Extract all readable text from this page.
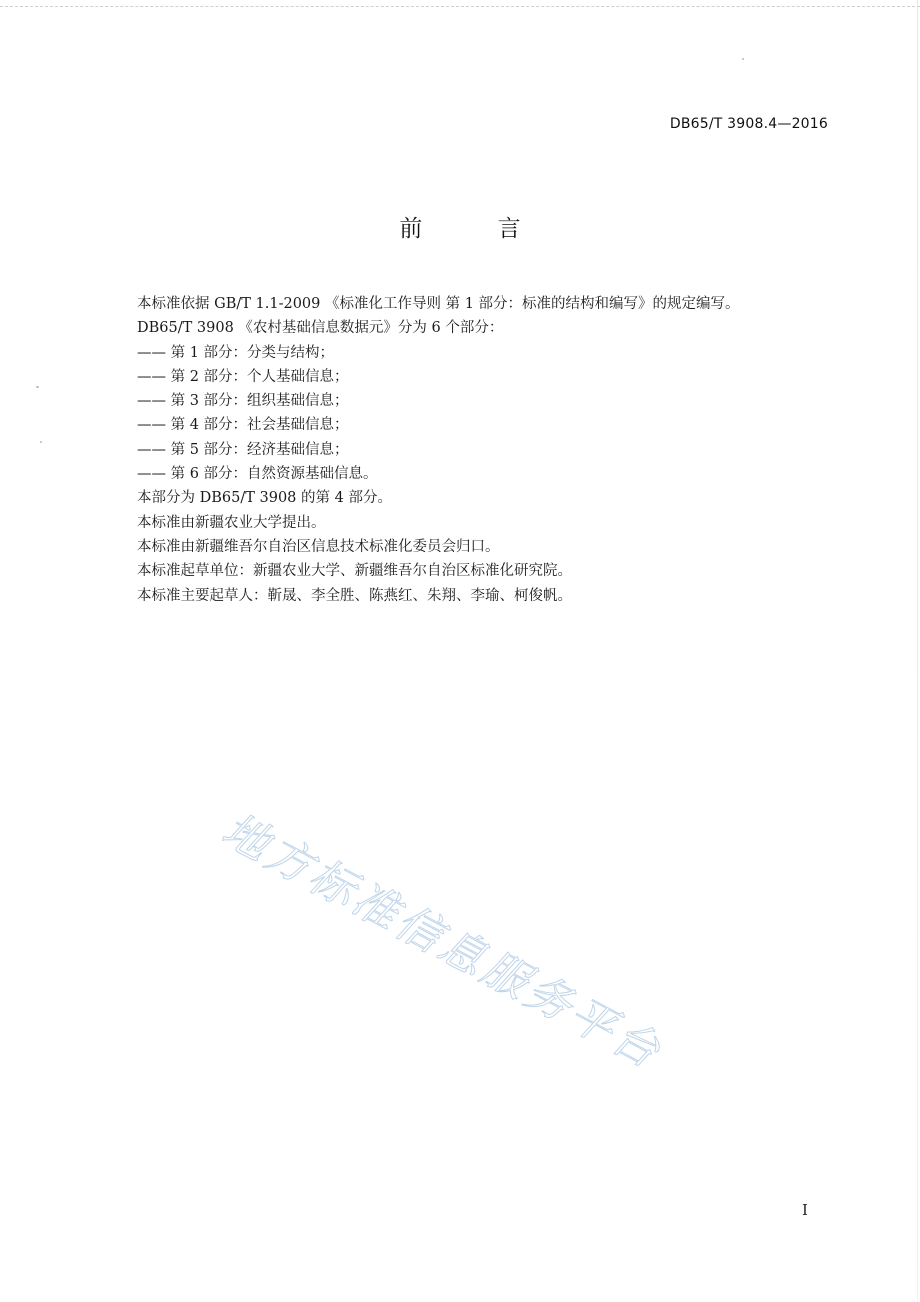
DB65/T 3908.4—2016
前 言
本标准依据 GB/T 1.1-2009 《标准化工作导则 第 1 部分：标准的结构和编写》的规定编写。
DB65/T 3908 《农村基础信息数据元》分为 6 个部分：
—— 第 1 部分：分类与结构；
—— 第 2 部分：个人基础信息；
—— 第 3 部分：组织基础信息；
—— 第 4 部分：社会基础信息；
—— 第 5 部分：经济基础信息；
—— 第 6 部分：自然资源基础信息。
本部分为 DB65/T 3908 的第 4 部分。
本标准由新疆农业大学提出。
本标准由新疆维吾尔自治区信息技术标准化委员会归口。
本标准起草单位：新疆农业大学、新疆维吾尔自治区标准化研究院。
本标准主要起草人：靳晟、李全胜、陈燕红、朱翔、李瑜、柯俊帆。
地方标准信息服务平台
I
